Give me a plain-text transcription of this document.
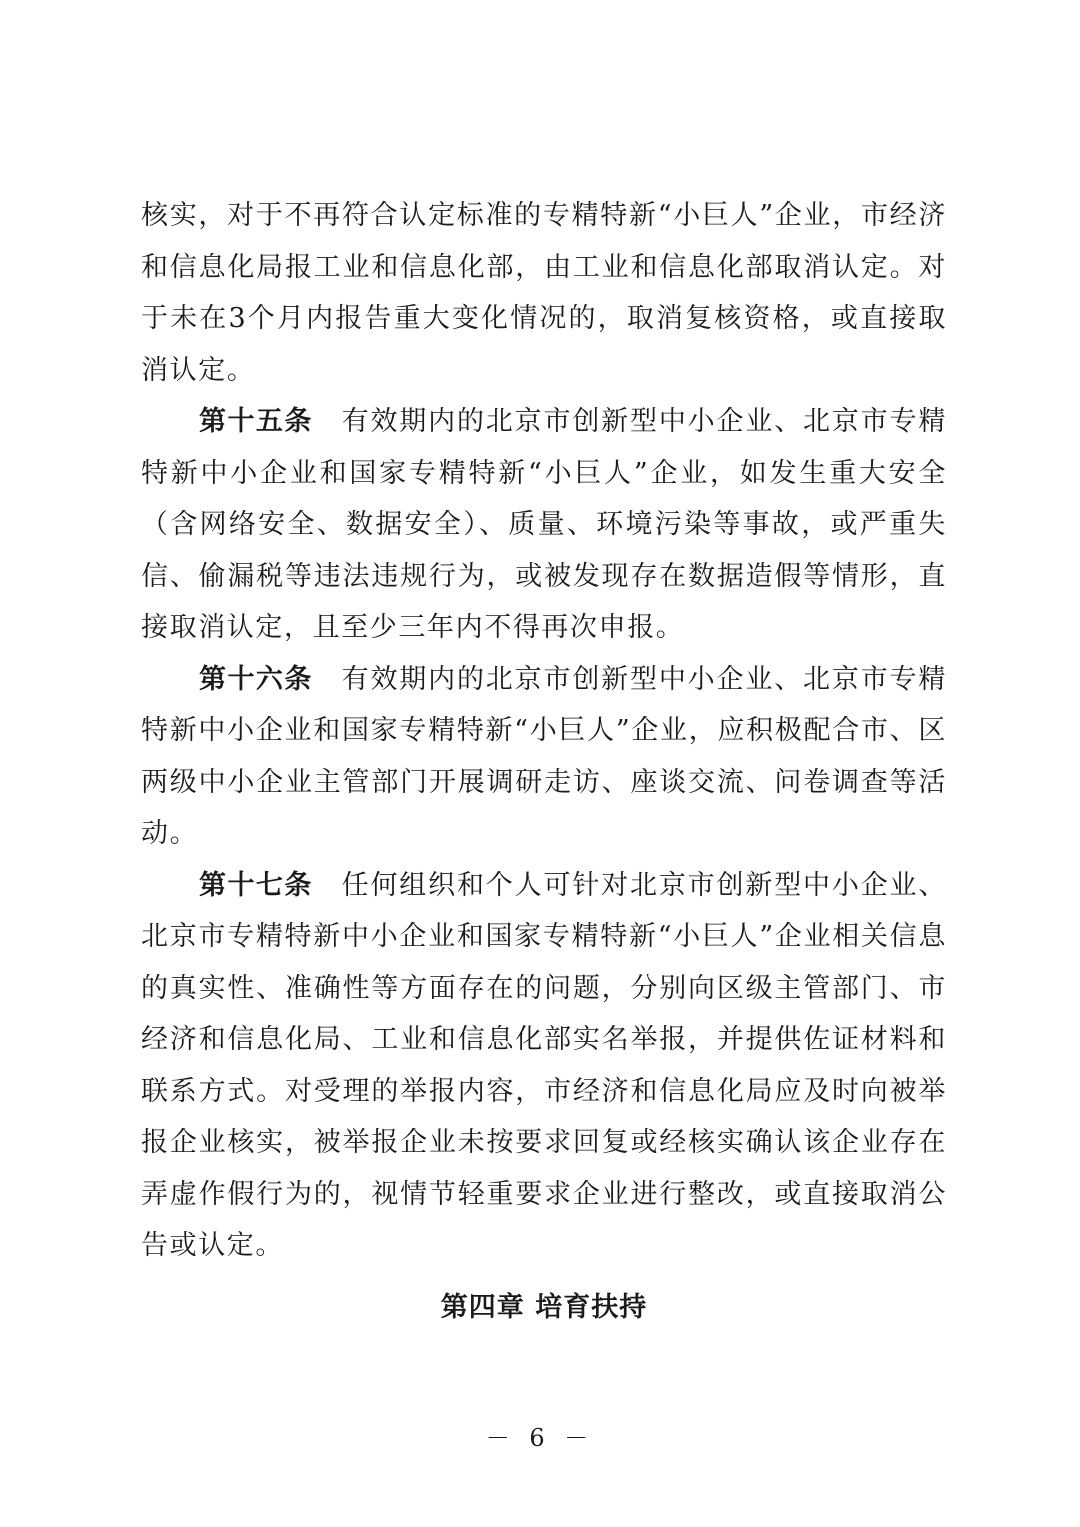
核实，对于不再符合认定标准的专精特新“小巨人”企业，市经济和信息化局报工业和信息化部，由工业和信息化部取消认定。对于未在3个月内报告重大变化情况的，取消复核资格，或直接取消认定。

第十五条　 有效期内的北京市创新型中小企业、北京市专精特新中小企业和国家专精特新“小巨人”企业，如发生重大安全（含网络安全、数据安全）、质量、环境污染等事故，或严重失信、偷漏税等违法违规行为，或被发现存在数据造假等情形，直接取消认定，且至少三年内不得再次申报。

第十六条　 有效期内的北京市创新型中小企业、北京市专精特新中小企业和国家专精特新“小巨人”企业，应积极配合市、区两级中小企业主管部门开展调研走访、座谈交流、问卷调查等活动。

第十七条　 任何组织和个人可针对北京市创新型中小企业、北京市专精特新中小企业和国家专精特新“小巨人”企业相关信息的真实性、准确性等方面存在的问题，分别向区级主管部门、市经济和信息化局、工业和信息化部实名举报，并提供佐证材料和联系方式。对受理的举报内容，市经济和信息化局应及时向被举报企业核实，被举报企业未按要求回复或经核实确认该企业存在弄虚作假行为的，视情节轻重要求企业进行整改，或直接取消公告或认定。

第四章 培育扶持
－ 6 －
